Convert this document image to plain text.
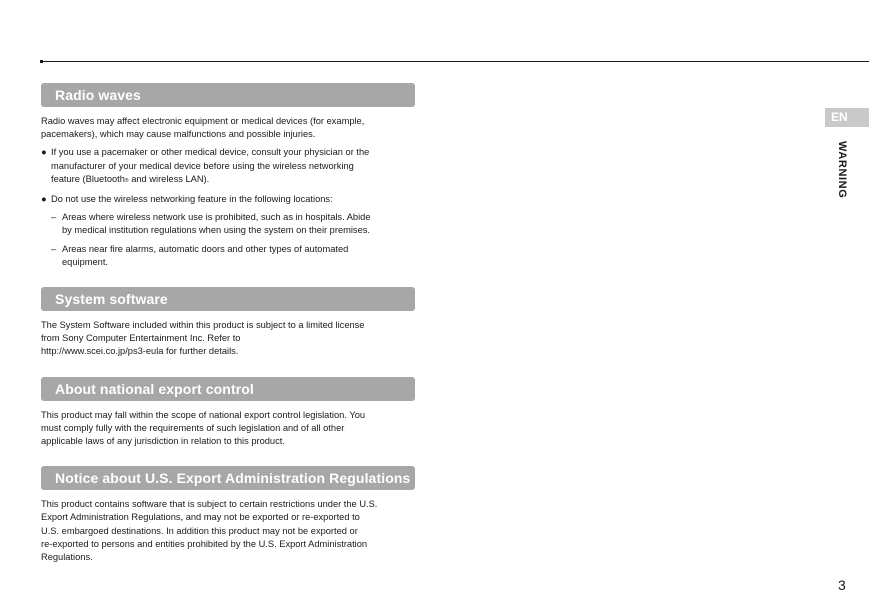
Radio waves

Radio waves may affect electronic equipment or medical devices (for example,
pacemakers), which may cause malfunctions and possible injuries.

● If you use a pacemaker or other medical device, consult your physician or the
manufacturer of your medical device before using the wireless networking
feature (Bluetooth® and wireless LAN).
● Do not use the wireless networking feature in the following locations:
– Areas where wireless network use is prohibited, such as in hospitals. Abide
by medical institution regulations when using the system on their premises.
– Areas near fire alarms, automatic doors and other types of automated
equipment.
System software

The System Software included within this product is subject to a limited license
from Sony Computer Entertainment Inc. Refer to
http://www.scei.co.jp/ps3-eula for further details.

About national export control

This product may fall within the scope of national export control legislation. You
must comply fully with the requirements of such legislation and of all other
applicable laws of any jurisdiction in relation to this product.

Notice about U.S. Export Administration Regulations

This product contains software that is subject to certain restrictions under the U.S.
Export Administration Regulations, and may not be exported or re-exported to
U.S. embargoed destinations. In addition this product may not be exported or
re-exported to persons and entities prohibited by the U.S. Export Administration
Regulations.

EN
WARNING
3
